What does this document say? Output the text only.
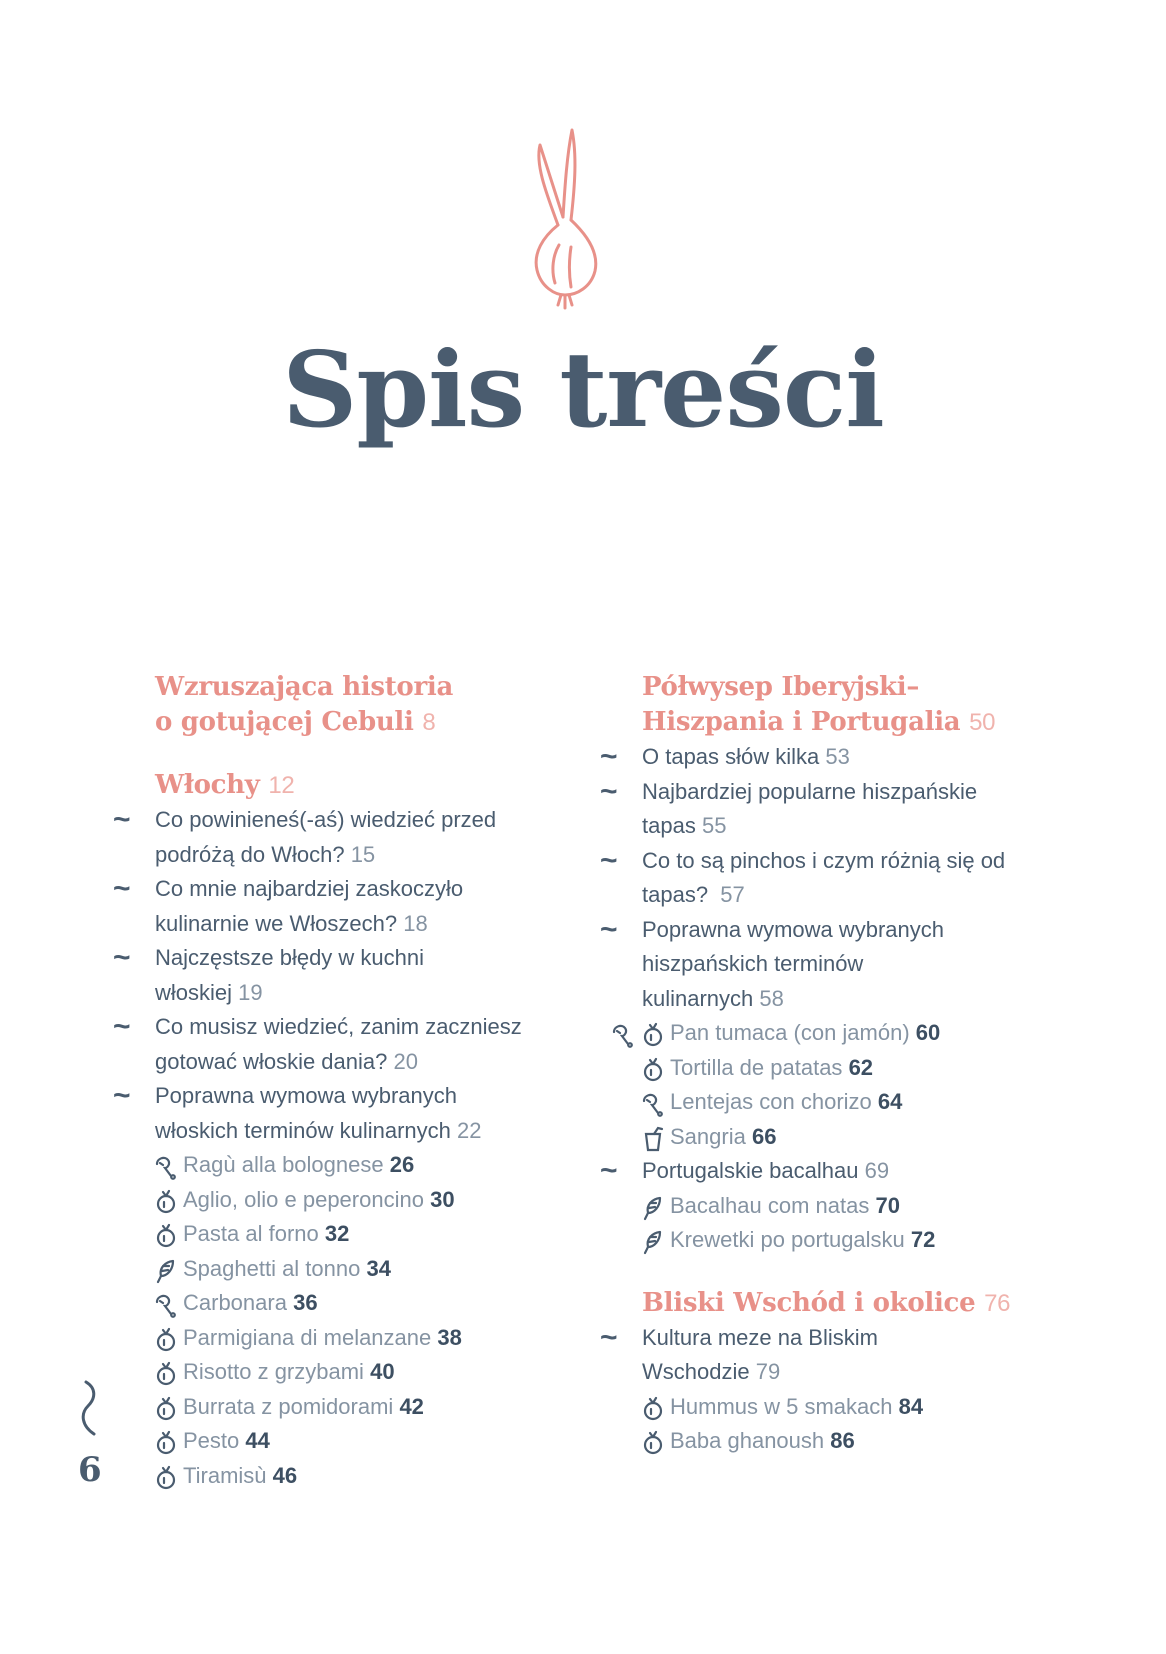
Spis treści
Wzruszająca historia
o gotującej Cebuli 8
Włochy 12
~ Co powinieneś(-aś) wiedzieć przed
podróżą do Włoch? 15
~ Co mnie najbardziej zaskoczyło
kulinarnie we Włoszech? 18
~ Najczęstsze błędy w kuchni
włoskiej 19
~ Co musisz wiedzieć, zanim zaczniesz
gotować włoskie dania? 20
~ Poprawna wymowa wybranych
włoskich terminów kulinarnych 22
Ragù alla bolognese 26
Aglio, olio e peperoncino 30
Pasta al forno 32
Spaghetti al tonno 34
Carbonara 36
Parmigiana di melanzane 38
Risotto z grzybami 40
Burrata z pomidorami 42
Pesto 44
Tiramisù 46
Półwysep Iberyjski–
Hiszpania i Portugalia 50
~ O tapas słów kilka 53
~ Najbardziej popularne hiszpańskie
tapas 55
~ Co to są pinchos i czym różnią się od
tapas? 57
~ Poprawna wymowa wybranych
hiszpańskich terminów
kulinarnych 58
Pan tumaca (con jamón) 60
Tortilla de patatas 62
Lentejas con chorizo 64
Sangria 66
~ Portugalskie bacalhau 69
Bacalhau com natas 70
Krewetki po portugalsku 72
Bliski Wschód i okolice 76
~ Kultura meze na Bliskim
Wschodzie 79
Hummus w 5 smakach 84
Baba ghanoush 86
6
